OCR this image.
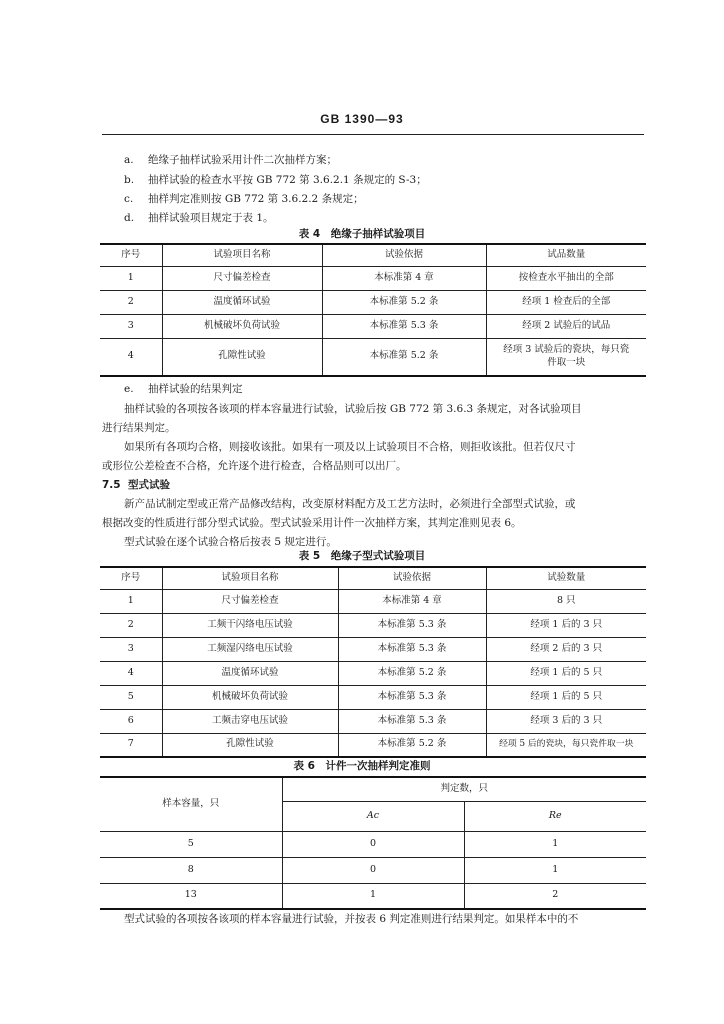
GB 1390—93
a. 绝缘子抽样试验采用计件二次抽样方案；
b. 抽样试验的检查水平按 GB 772 第 3.6.2.1 条规定的 S-3；
c. 抽样判定准则按 GB 772 第 3.6.2.2 条规定；
d. 抽样试验项目规定于表 1。
表 4　绝缘子抽样试验项目
序号	试验项目名称	试验依据	试品数量
1	尺寸偏差检查	本标准第 4 章	按检查水平抽出的全部
2	温度循环试验	本标准第 5.2 条	经项 1 检查后的全部
3	机械破坏负荷试验	本标准第 5.3 条	经项 2 试验后的试品
4	孔隙性试验	本标准第 5.2 条	经项 3 试验后的瓷块，每只瓷件取一块
e. 抽样试验的结果判定
抽样试验的各项按各该项的样本容量进行试验，试验后按 GB 772 第 3.6.3 条规定，对各试验项目
进行结果判定。
如果所有各项均合格，则接收该批。如果有一项及以上试验项目不合格，则拒收该批。但若仅尺寸
或形位公差检查不合格，允许逐个进行检查，合格品则可以出厂。
7.5 型式试验
新产品试制定型或正常产品修改结构，改变原材料配方及工艺方法时，必须进行全部型式试验，或
根据改变的性质进行部分型式试验。型式试验采用计件一次抽样方案，其判定准则见表 6。
型式试验在逐个试验合格后按表 5 规定进行。
表 5　绝缘子型式试验项目
序号	试验项目名称	试验依据	试验数量
1	尺寸偏差检查	本标准第 4 章	8 只
2	工频干闪络电压试验	本标准第 5.3 条	经项 1 后的 3 只
3	工频湿闪络电压试验	本标准第 5.3 条	经项 2 后的 3 只
4	温度循环试验	本标准第 5.2 条	经项 1 后的 5 只
5	机械破坏负荷试验	本标准第 5.3 条	经项 1 后的 5 只
6	工频击穿电压试验	本标准第 5.3 条	经项 3 后的 3 只
7	孔隙性试验	本标准第 5.2 条	经项 5 后的瓷块，每只瓷件取一块
表 6　计件一次抽样判定准则
样本容量，只	判定数，只	
	Ac	Re
5	0	1
8	0	1
13	1	2
型式试验的各项按各该项的样本容量进行试验，并按表 6 判定准则进行结果判定。如果样本中的不
